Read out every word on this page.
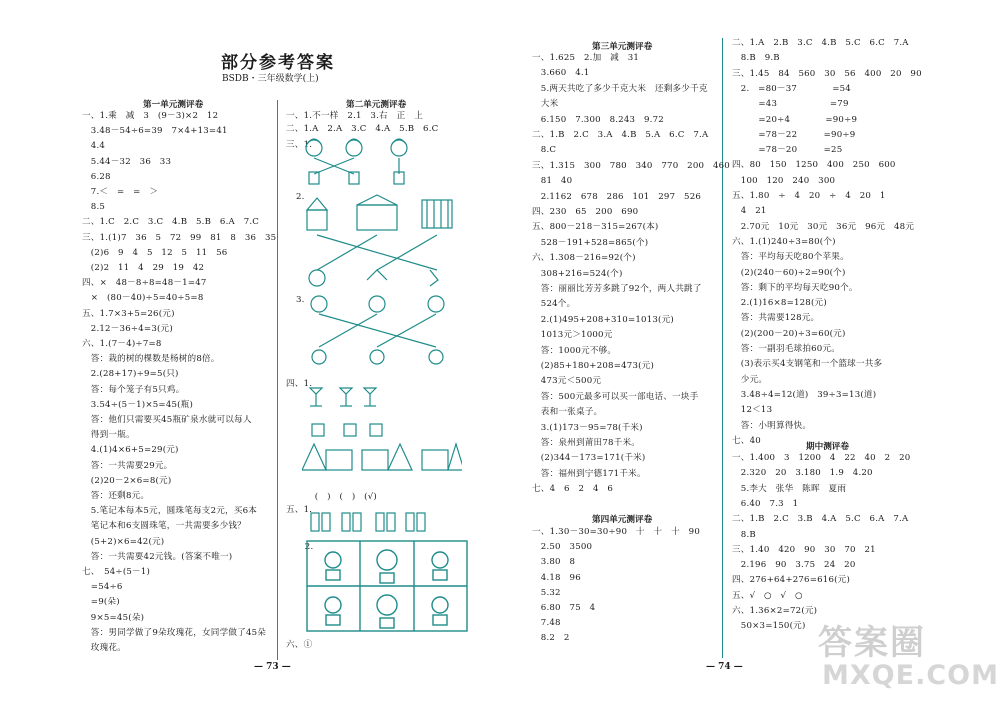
部分参考答案
BSDB・三年级数学(上)
第一单元测评卷
一、1.乘　减　3　(9－3)×2　12
　3.48－54÷6=39　7×4+13=41
　4.4
　5.44－32　36　33
　6.28
　7.＜　=　=　＞
　8.5
二、1.C　2.C　3.C　4.B　5.B　6.A　7.C
三、1.(1)7　36　5　72　99　81　8　36　35
　(2)6　9　4　5　12　5　11　56
　(2)2　11　4　29　19　42
四、×　48－8÷8=48－1=47
　×　(80－40)÷5=40÷5=8
五、1.7×3+5=26(元)
　2.12－36÷4=3(元)
六、1.(7－4)÷7=8
　答：栽的树的棵数是杨树的8倍。
　2.(28+17)÷9=5(只)
　答：每个笼子有5只鸡。
　3.54÷(5－1)×5=45(瓶)
　答：他们只需要买45瓶矿泉水就可以每人
　得到一瓶。
　4.(1)4×6+5=29(元)
　答：一共需要29元。
　(2)20－2×6=8(元)
　答：还剩8元。
　5.笔记本每本5元，圆珠笔每支2元，买6本
　笔记本和6支圆珠笔，一共需要多少钱？
　(5+2)×6=42(元)
　答：一共需要42元钱。(答案不唯一)
七、　54÷(5－1)
　=54÷6
　=9(朵)
　9×5=45(朵)
　答：男同学做了9朵玫瑰花，女同学做了45朵
　玫瑰花。
第二单元测评卷
一、1.不一样　2.1　3.右　正　上
二、1.A　2.A　3.C　4.A　5.B　6.C
三、1.
2.
3.
四、1.
　(　)　(　)　(√)
五、1.
　2.
六、①
第三单元测评卷
第四单元测评卷
一、1.625　2.加　减　31
　3.660　4.1
　5.两天共吃了多少千克大米　还剩多少千克
　大米
　6.150　7.300　8.243　9.72
二、1.B　2.C　3.A　4.B　5.A　6.C　7.A
　8.C
三、1.315　300　780　340　770　200　460
　81　40
　2.1162　678　286　101　297　526
四、230　65　200　690
五、800－218－315=267(本)
　528－191+528=865(个)
六、1.308－216=92(个)
　308+216=524(个)
　答：丽丽比芳芳多跳了92个，两人共跳了
　524个。
　2.(1)495+208+310=1013(元)
　1013元＞1000元
　答：1000元不够。
　(2)85+180+208=473(元)
　473元＜500元
　答：500元最多可以买一部电话、一块手
　表和一张桌子。
　3.(1)173－95=78(千米)
　答：泉州到莆田78千米。
　(2)344－173=171(千米)
　答：福州到宁德171千米。
七、4　6　2　4　6
一、1.30－30=30÷90　十　十　十　90
　2.50　3500
　3.80　8
　4.18　96
　5.32
　6.80　75　4
　7.48
　8.2　2
期中测评卷
二、1.A　2.B　3.C　4.B　5.C　6.C　7.A
　8.B　9.B
三、1.45　84　560　30　56　400　20　90
　2.　=80－37　　　　=54
　　　=43　　　　　　=79
　　　=20÷4　　　　=90÷9
　　　=78－22　　　=90÷9
　　　=78－20　　　=25
四、80　150　1250　400　250　600
　100　120　240　300
五、1.80　÷　4　20　÷　4　20　1
　4　21
　2.70元　10元　30元　36元　96元　48元
六、1.(1)240÷3=80(个)
　答：平均每天吃80个苹果。
　(2)(240－60)÷2=90(个)
　答：剩下的平均每天吃90个。
　2.(1)16×8=128(元)
　答：共需要128元。
　(2)(200－20)÷3=60(元)
　答：一副羽毛球拍60元。
　(3)表示买4支钢笔和一个篮球一共多
　少元。
　3.48÷4=12(道)　39÷3=13(道)
　12＜13
　答：小明算得快。
七、40
一、1.400　3　1200　4　22　40　2　20
　2.320　20　3.180　1.9　4.20
　5.李大　张华　陈晖　夏雨
　6.40　7.3　1
二、1.B　2.C　3.B　4.A　5.C　6.A　7.A
　8.B
三、1.40　420　90　30　70　21
　2.196　90　3.75　24　20
四、276+64+276=616(元)
五、√　○　√　○
六、1.36×2=72(元)
　50×3=150(元)
— 73 —	— 74 —
答案圈
MXQE.COM
